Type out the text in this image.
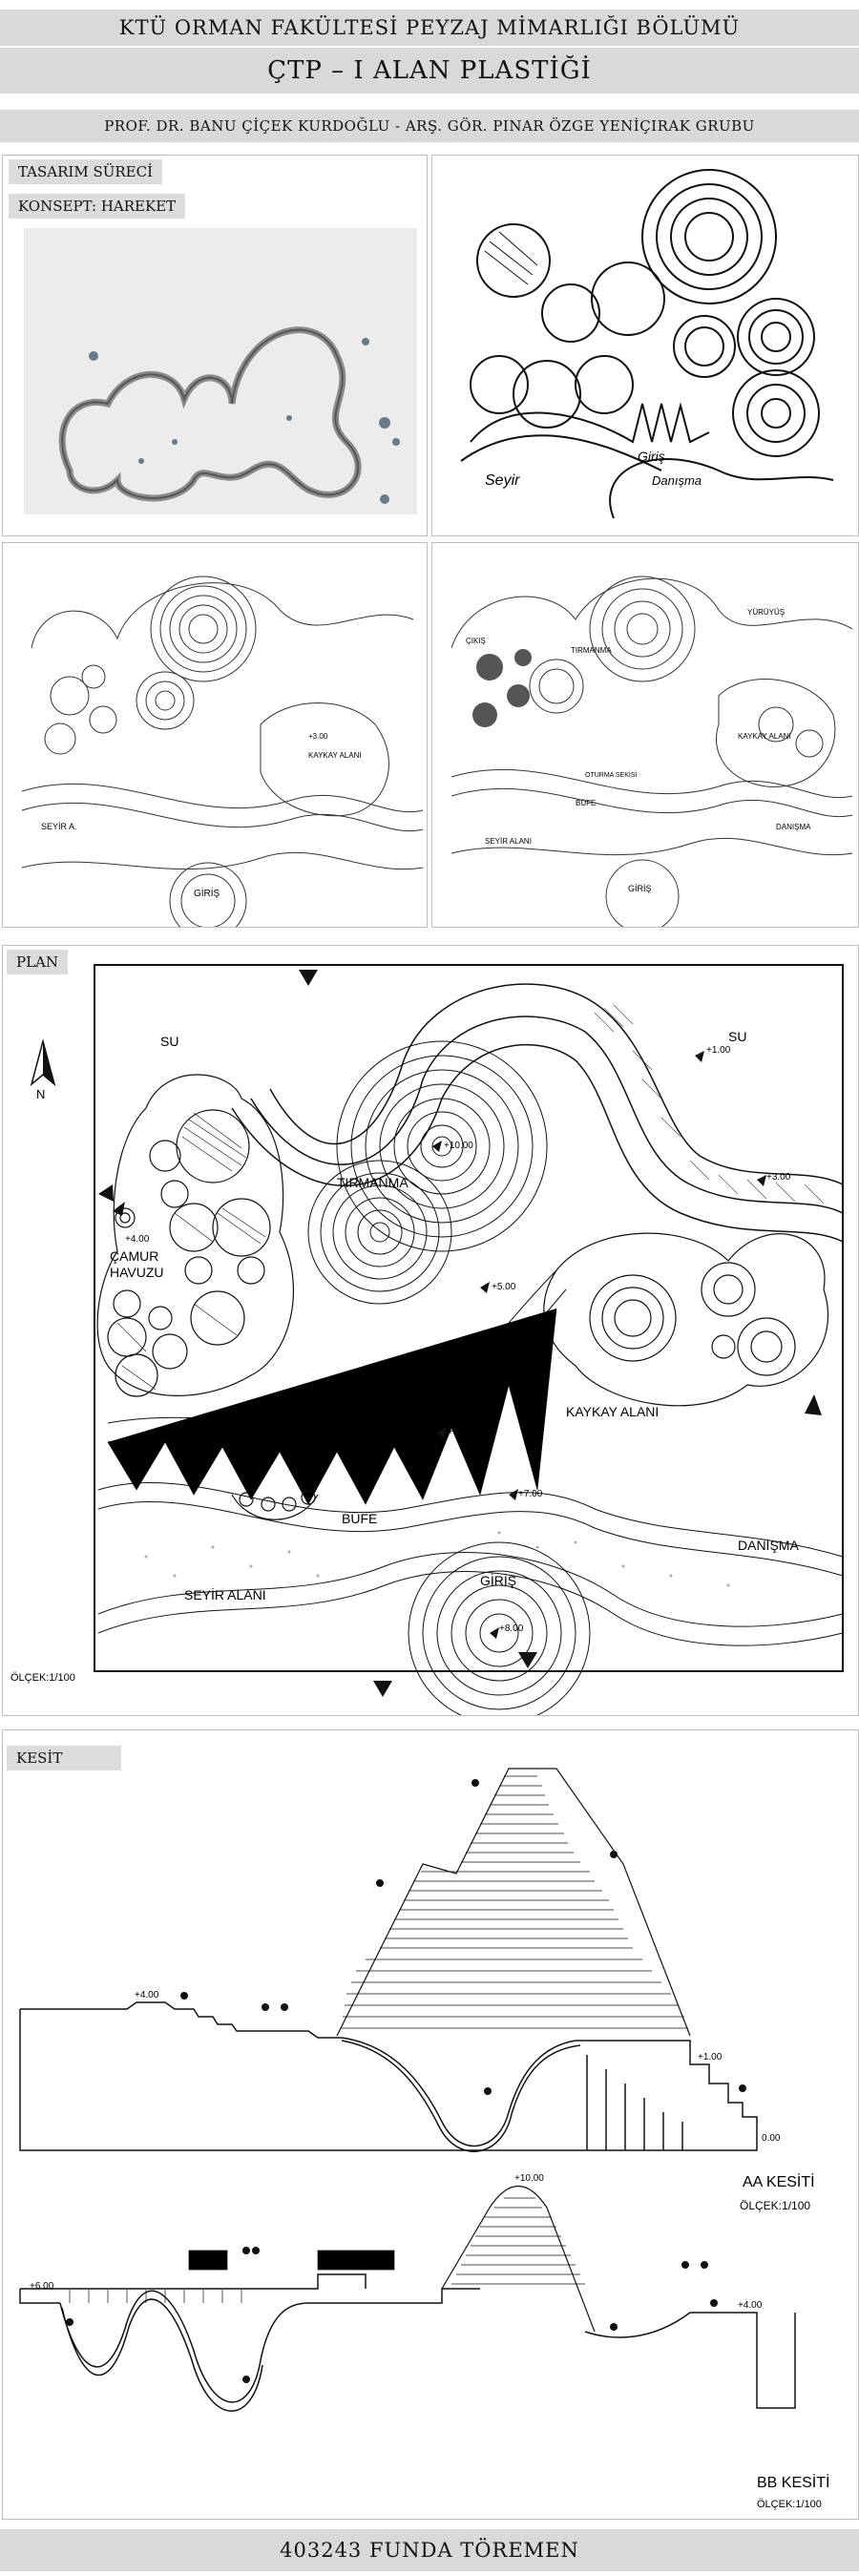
KTÜ ORMAN FAKÜLTESİ PEYZAJ MİMARLIĞI BÖLÜMÜ
ÇTP – I ALAN PLASTİĞİ
PROF. DR. BANU ÇİÇEK KURDOĞLU - ARŞ. GÖR. PINAR ÖZGE YENİÇIRAK GRUBU
TASARIM SÜRECİ
KONSEPT: HAREKET
Seyir
Giriş
Danışma
SEYİR A.
GİRİŞ
KAYKAY ALANI
+3.00
ÇIKIŞ
TIRMANMA
KAYKAY ALANI
DANIŞMA
SEYİR ALANI
GİRİŞ
BÜFE
YÜRÜYÜŞ
OTURMA SEKİSİ
PLAN
N
SU	SU
TIRMANMA
ÇAMUR
HAVUZU
KAYKAY ALANI
BÜFE
DANIŞMA
SEYİR ALANI
GİRİŞ
+1.00
+3.00
+4.00
+5.00
+6.00
+7.00
+8.00
+10.00
ÖLÇEK:1/100
KESİT
+4.00
+1.00
0.00
AA KESİTİ
ÖLÇEK:1/100
+6.00
+10.00
+4.00
BB KESİTİ
ÖLÇEK:1/100
403243 FUNDA TÖREMEN
